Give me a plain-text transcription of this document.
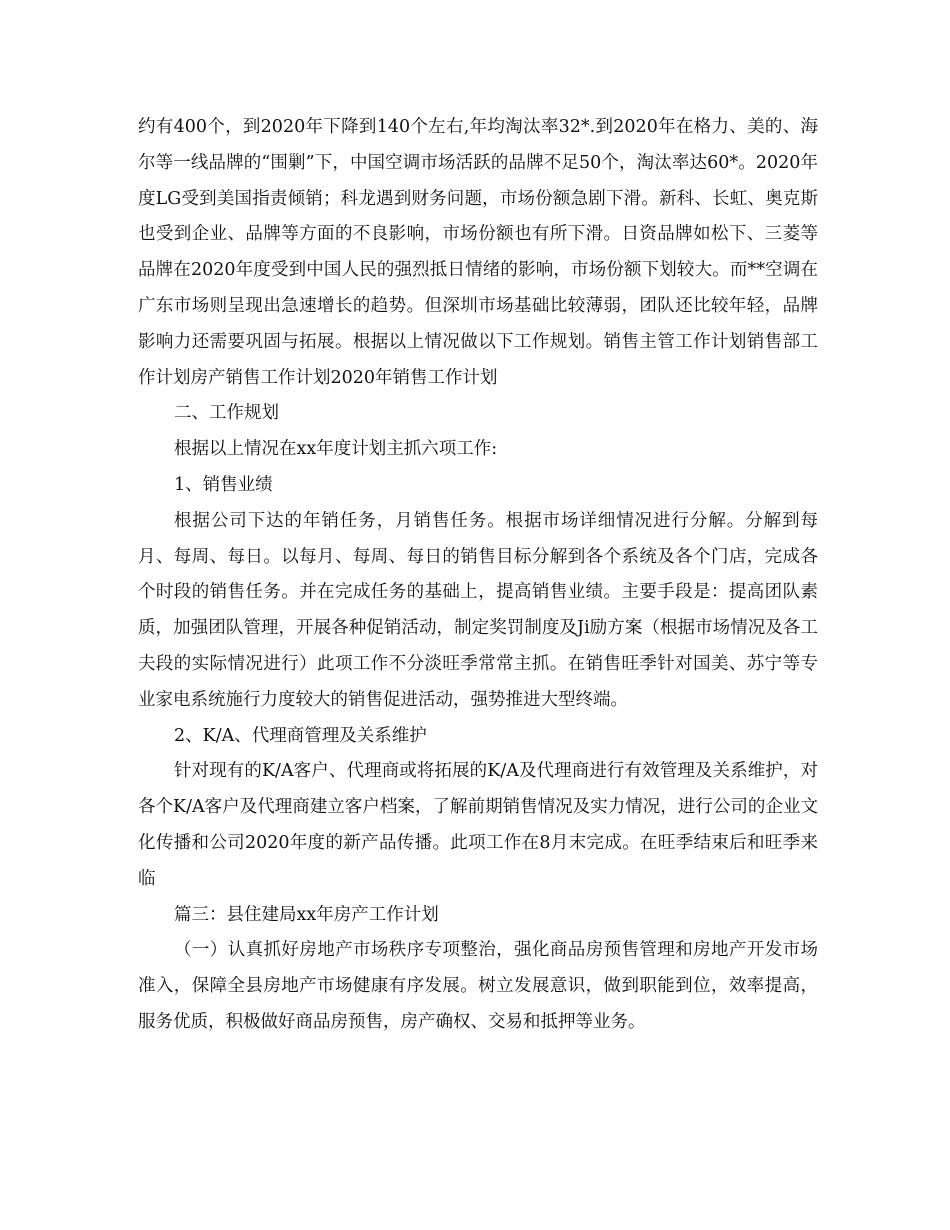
约有400个，到2020年下降到140个左右,年均淘汰率32*.到2020年在格力、美的、海尔等一线品牌的“围剿”下，中国空调市场活跃的品牌不足50个，淘汰率达60*。2020年度LG受到美国指责倾销；科龙遇到财务问题，市场份额急剧下滑。新科、长虹、奥克斯也受到企业、品牌等方面的不良影响，市场份额也有所下滑。日资品牌如松下、三菱等品牌在2020年度受到中国人民的强烈抵日情绪的影响，市场份额下划较大。而**空调在广东市场则呈现出急速增长的趋势。但深圳市场基础比较薄弱，团队还比较年轻，品牌影响力还需要巩固与拓展。根据以上情况做以下工作规划。销售主管工作计划销售部工作计划房产销售工作计划2020年销售工作计划

二、工作规划

根据以上情况在xx年度计划主抓六项工作:

1、销售业绩

根据公司下达的年销任务，月销售任务。根据市场详细情况进行分解。分解到每月、每周、每日。以每月、每周、每日的销售目标分解到各个系统及各个门店，完成各个时段的销售任务。并在完成任务的基础上，提高销售业绩。主要手段是：提高团队素质，加强团队管理，开展各种促销活动，制定奖罚制度及Ji励方案（根据市场情况及各工夫段的实际情况进行）此项工作不分淡旺季常常主抓。在销售旺季针对国美、苏宁等专业家电系统施行力度较大的销售促进活动，强势推进大型终端。

2、K/A、代理商管理及关系维护

针对现有的K/A客户、代理商或将拓展的K/A及代理商进行有效管理及关系维护，对各个K/A客户及代理商建立客户档案，了解前期销售情况及实力情况，进行公司的企业文化传播和公司2020年度的新产品传播。此项工作在8月末完成。在旺季结束后和旺季来临

篇三：县住建局xx年房产工作计划

（一）认真抓好房地产市场秩序专项整治，强化商品房预售管理和房地产开发市场准入，保障全县房地产市场健康有序发展。树立发展意识，做到职能到位，效率提高，服务优质，积极做好商品房预售，房产确权、交易和抵押等业务。
